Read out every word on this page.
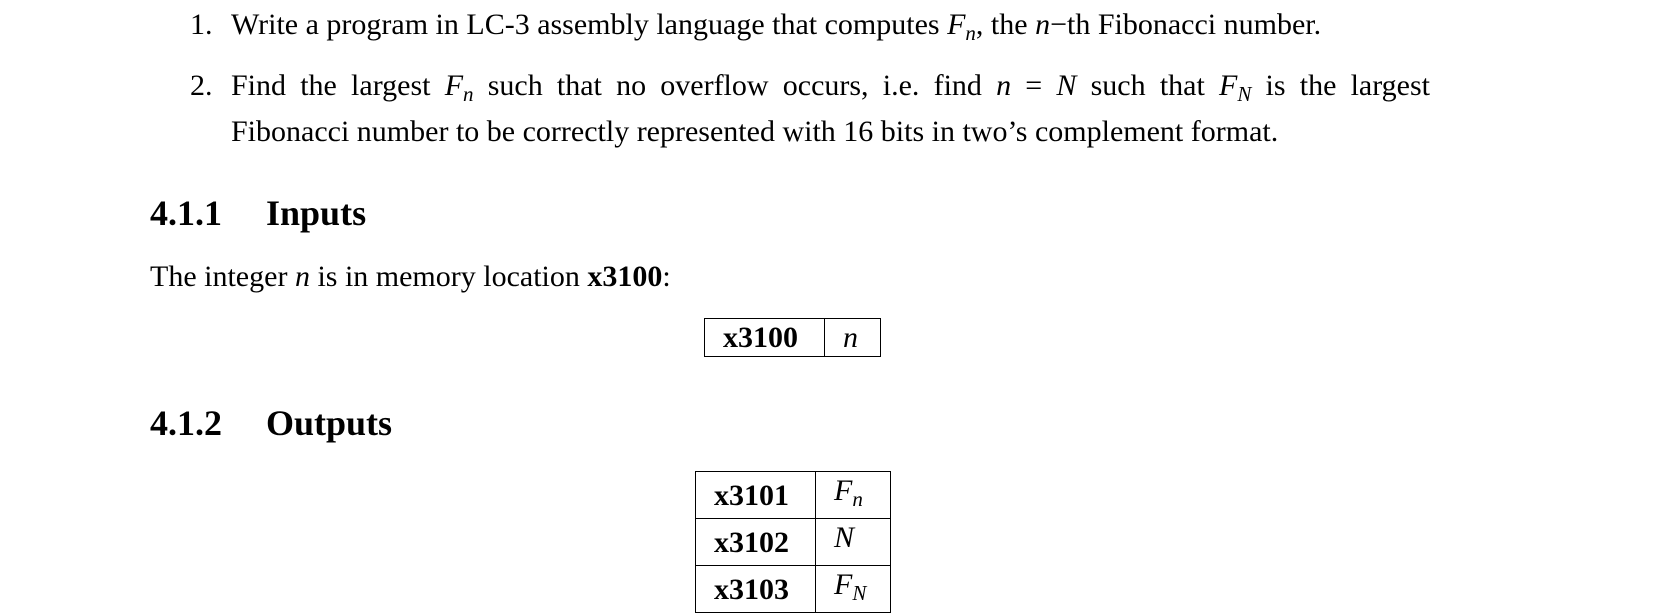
1. Write a program in LC-3 assembly language that computes $F_n$, the n−th Fibonacci number.
2. Find the largest $F_n$ such that no overflow occurs, i.e. find n = N such that $F_N$ is the largest
Fibonacci number to be correctly represented with 16 bits in two’s complement format.
4.1.1 Inputs
The integer n is in memory location x3100:
x3100	n
4.1.2 Outputs
x3101	$F_n$
x3102	N
x3103	$F_N$
